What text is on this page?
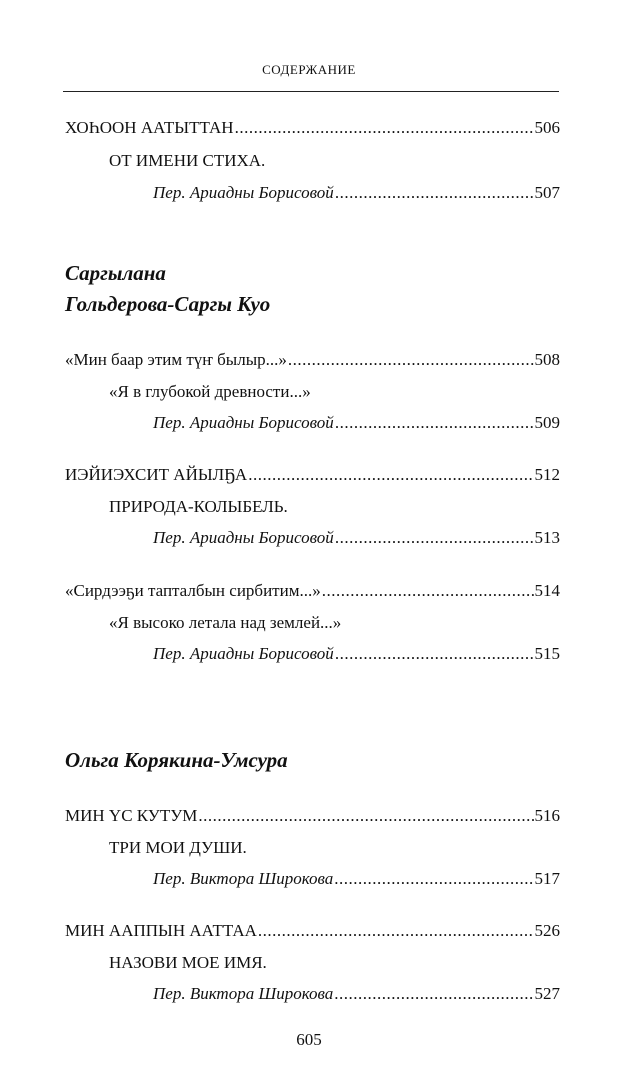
СОДЕРЖАНИЕ
ХОҺООН ААТЫТТАН .....	506
ОТ ИМЕНИ СТИХА.
Пер. Ариадны Борисовой .....	507
Саргылана
Гольдерова-Саргы Куо
«Мин баар этим түҥ былыр...» .....	508
«Я в глубокой древности...»
Пер. Ариадны Борисовой .....	509
ИЭЙИЭХСИТ АЙЫЛҔА .....	512
ПРИРОДА-КОЛЫБЕЛЬ.
Пер. Ариадны Борисовой .....	513
«Сирдээҕи тапталбын сирбитим...» .....	514
«Я высоко летала над землей...»
Пер. Ариадны Борисовой .....	515
Ольга Корякина-Умсура
МИН ҮС КУТУМ .....	516
ТРИ МОИ ДУШИ.
Пер. Виктора Широкова .....	517
МИН ААППЫН ААТТАА .....	526
НАЗОВИ МОЕ ИМЯ.
Пер. Виктора Широкова .....	527
605
